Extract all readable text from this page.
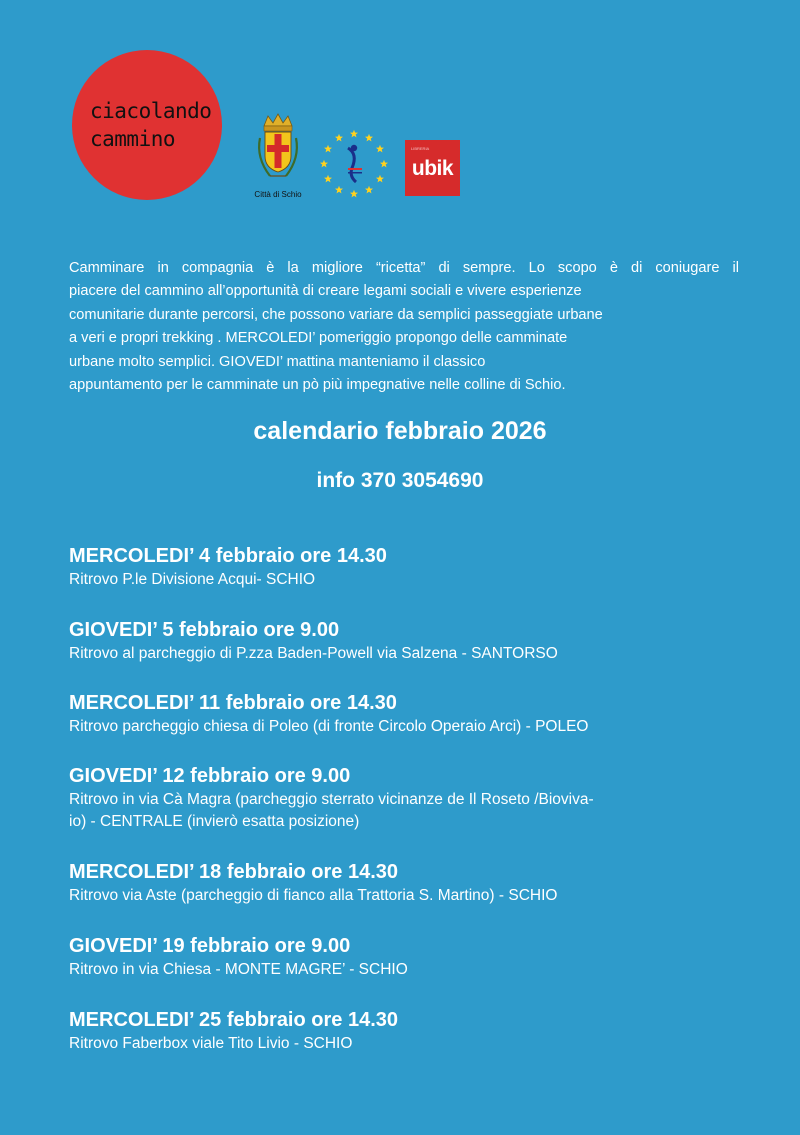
ciacolando
cammino
Città di Schio
LIBRERIA
ubik

Camminare in compagnia è la migliore “ricetta” di sempre. Lo scopo è di coniugare il
piacere del cammino all’opportunità di creare legami sociali e vivere esperienze
comunitarie durante percorsi, che possono variare da semplici passeggiate urbane
a veri e propri trekking . MERCOLEDI’ pomeriggio propongo delle camminate
urbane molto semplici. GIOVEDI’ mattina manteniamo il classico
appuntamento per le camminate un pò più impegnative nelle colline di Schio.

calendario febbraio 2026
info 370 3054690
MERCOLEDI’ 4 febbraio ore 14.30
Ritrovo P.le Divisione Acqui- SCHIO
GIOVEDI’ 5 febbraio ore 9.00
Ritrovo al parcheggio di P.zza Baden-Powell via Salzena - SANTORSO
MERCOLEDI’ 11 febbraio ore 14.30
Ritrovo parcheggio chiesa di Poleo (di fronte Circolo Operaio Arci) - POLEO
GIOVEDI’ 12 febbraio ore 9.00
Ritrovo in via Cà Magra (parcheggio sterrato vicinanze de Il Roseto /Bioviva-
io) - CENTRALE (invierò esatta posizione)
MERCOLEDI’ 18 febbraio ore 14.30
Ritrovo via Aste (parcheggio di fianco alla Trattoria S. Martino) - SCHIO
GIOVEDI’ 19 febbraio ore 9.00
Ritrovo in via Chiesa - MONTE MAGRE’ - SCHIO
MERCOLEDI’ 25 febbraio ore 14.30
Ritrovo Faberbox viale Tito Livio - SCHIO
